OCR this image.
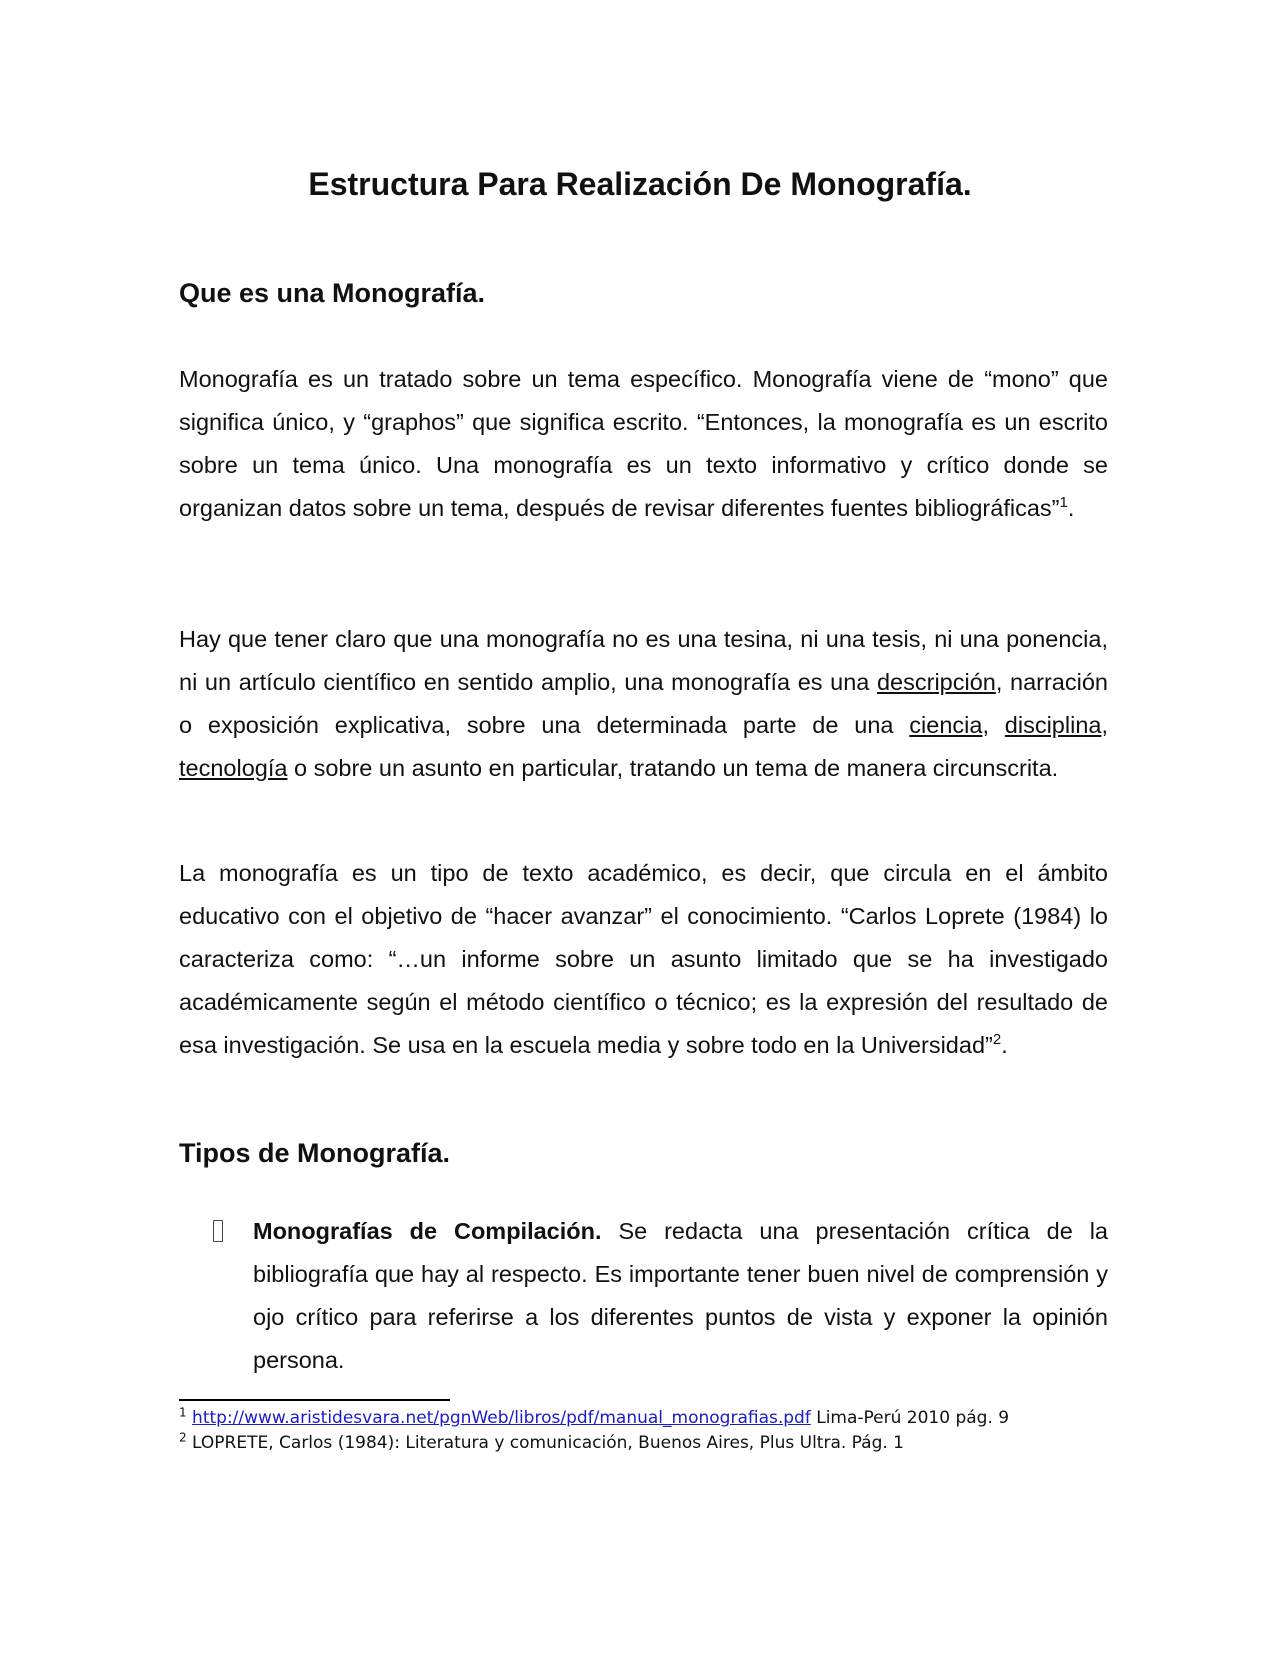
Estructura Para Realización De Monografía.
Que es una Monografía.

Monografía es un tratado sobre un tema específico. Monografía viene de “mono” que significa único, y “graphos” que significa escrito. “Entonces, la monografía es un escrito sobre un tema único. Una monografía es un texto informativo y crítico donde se organizan datos sobre un tema, después de revisar diferentes fuentes bibliográficas”$^1$.

Hay que tener claro que una monografía no es una tesina, ni una tesis, ni una ponencia, ni un artículo científico en sentido amplio, una monografía es una descripción, narración o exposición explicativa, sobre una determinada parte de una ciencia, disciplina, tecnología o sobre un asunto en particular, tratando un tema de manera circunscrita.

La monografía es un tipo de texto académico, es decir, que circula en el ámbito educativo con el objetivo de “hacer avanzar” el conocimiento. “Carlos Loprete (1984) lo caracteriza como: “…un informe sobre un asunto limitado que se ha investigado académicamente según el método científico o técnico; es la expresión del resultado de esa investigación. Se usa en la escuela media y sobre todo en la Universidad”$^2$.

Tipos de Monografía.

Monografías de Compilación. Se redacta una presentación crítica de la bibliografía que hay al respecto. Es importante tener buen nivel de comprensión y ojo crítico para referirse a los diferentes puntos de vista y exponer la opinión persona.

$^1$ http://www.aristidesvara.net/pgnWeb/libros/pdf/manual_monografias.pdf Lima-Perú 2010 pág. 9

$^2$ LOPRETE, Carlos (1984): Literatura y comunicación, Buenos Aires, Plus Ultra. Pág. 1
